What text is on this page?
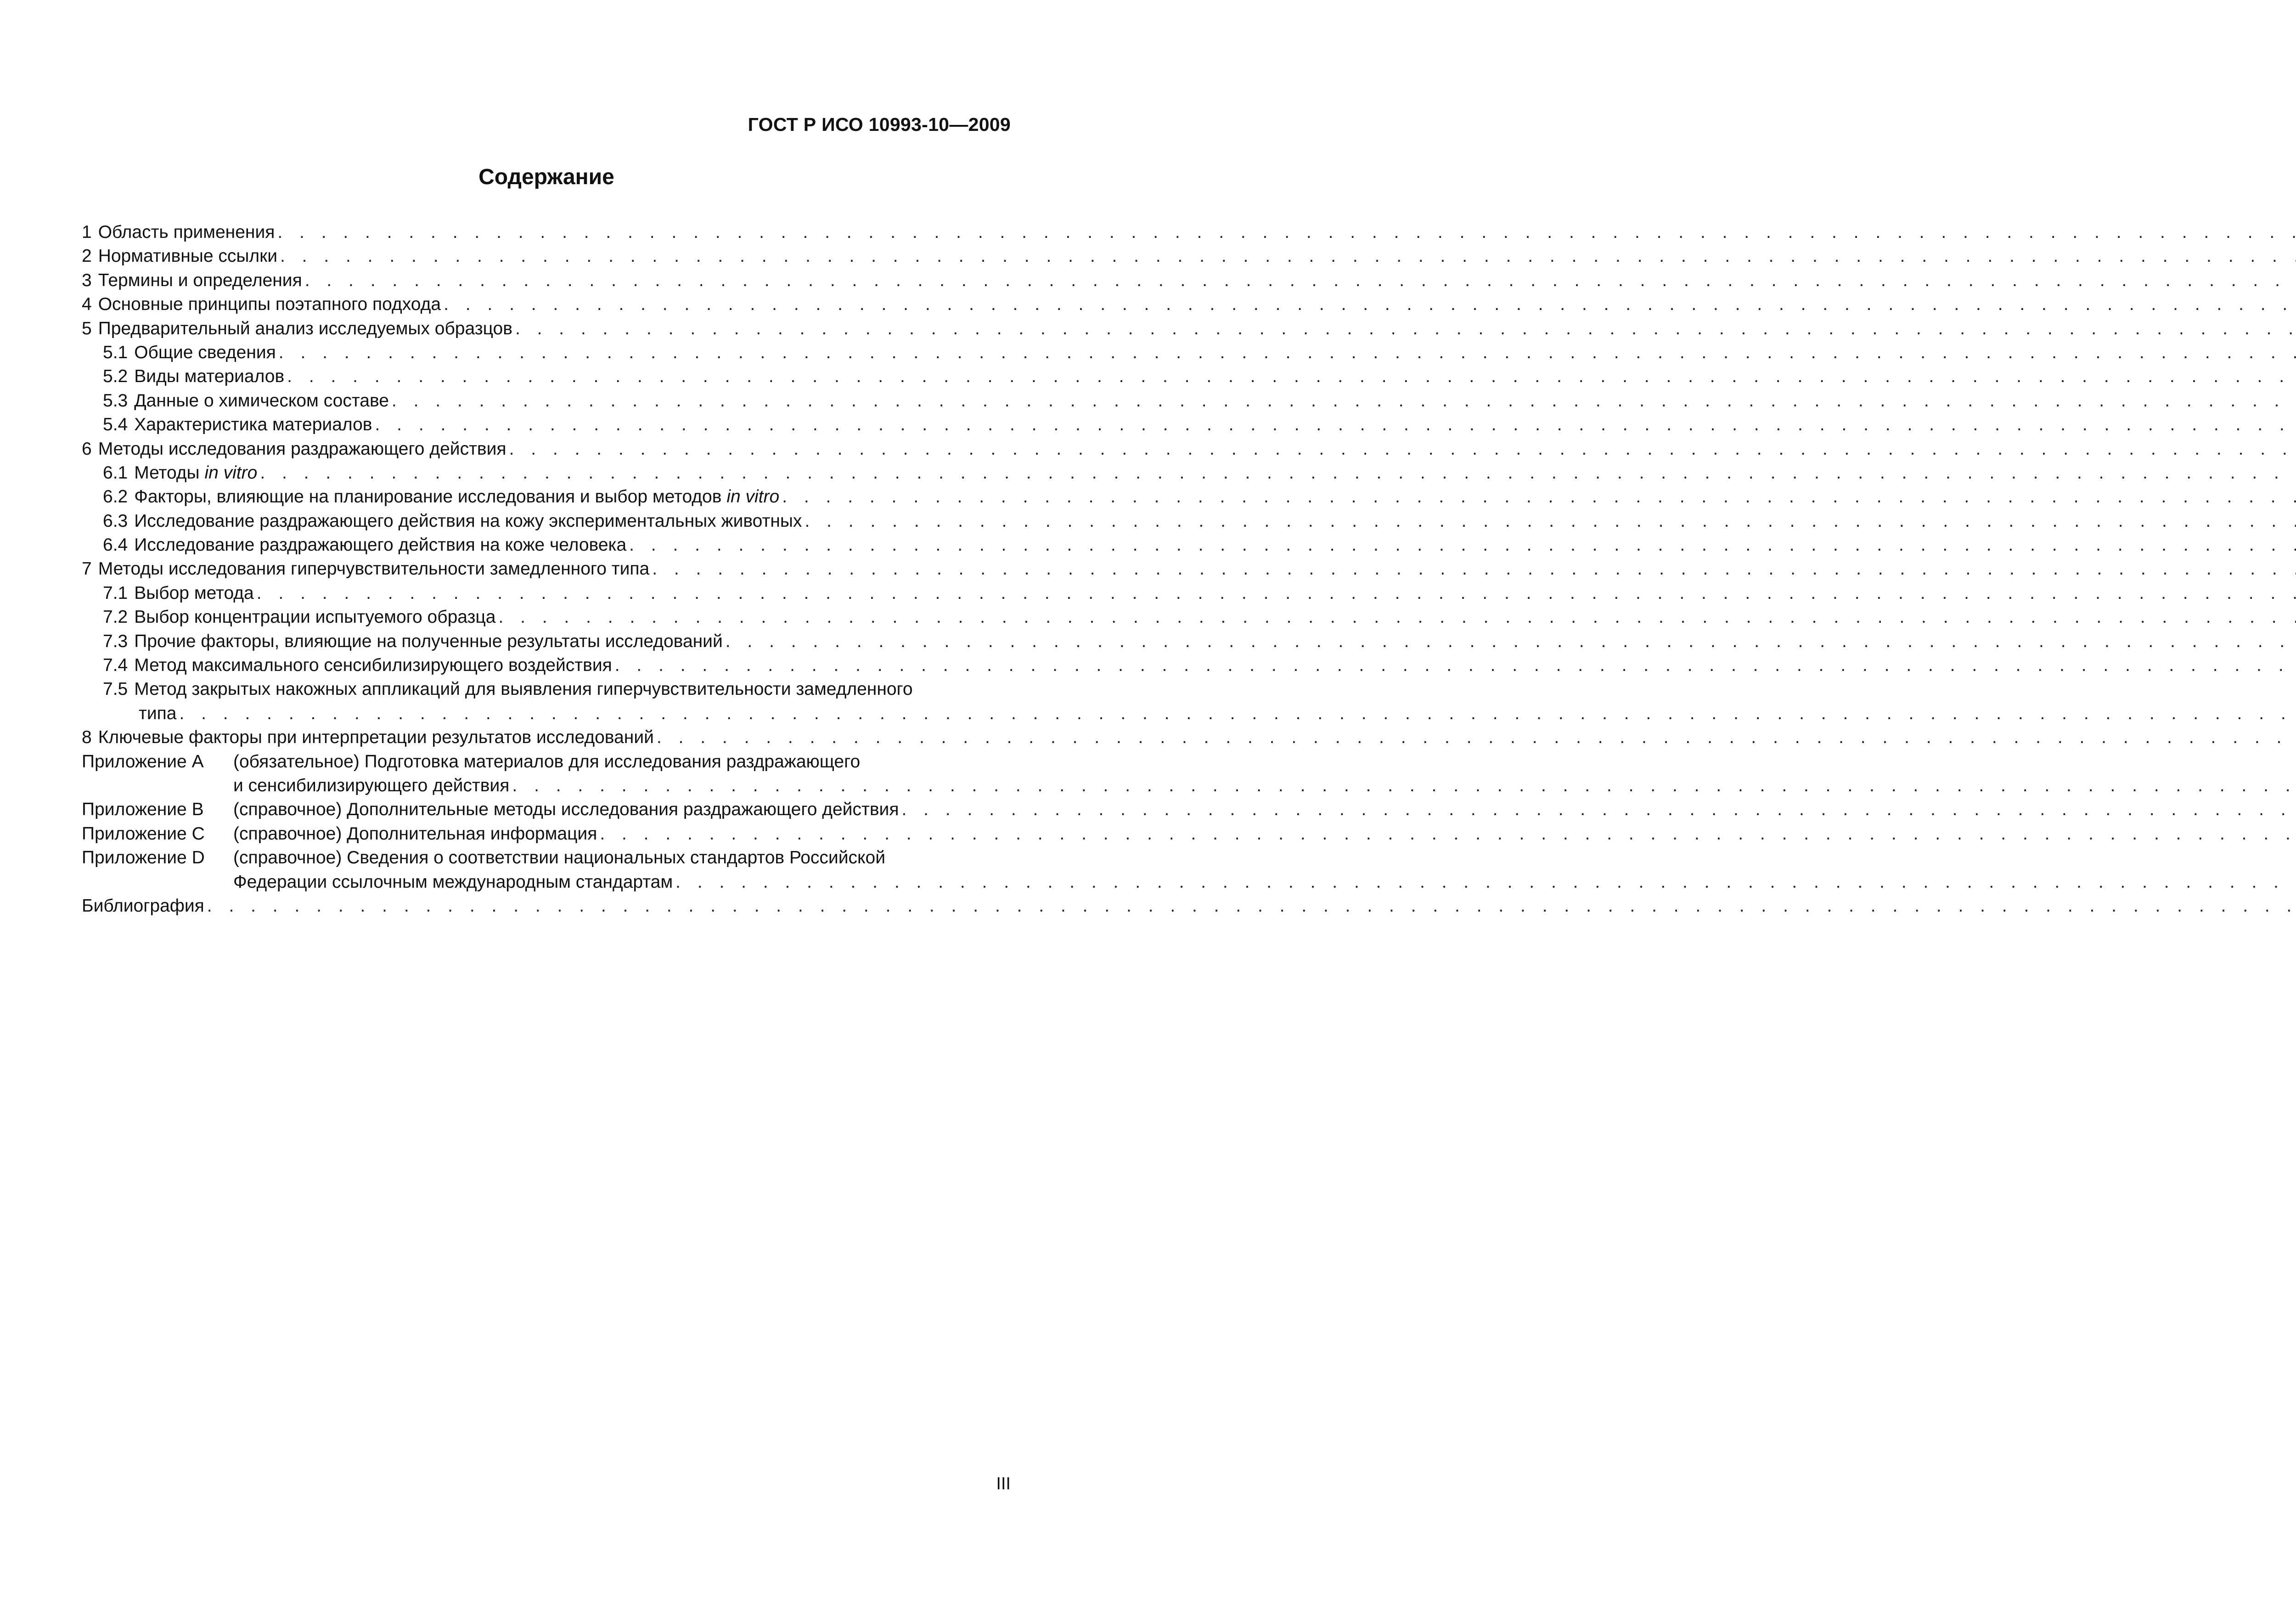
ГОСТ Р ИСО 10993-10—2009
Содержание
1 Область применения
. . .
2 Нормативные ссылки
. . .
3 Термины и определения
. . .
4 Основные принципы поэтапного подхода
. . .
5 Предварительный анализ исследуемых образцов
. . .
5.1 Общие сведения
. . .
5.2 Виды материалов
. . .
5.3 Данные о химическом составе
. . .
5.4 Характеристика материалов
. . .
6 Методы исследования раздражающего действия
. . .
6.1 Методы in vitro
. . .
6.2 Факторы, влияющие на планирование исследования и выбор методов in vitro
. . .
6.3 Исследование раздражающего действия на кожу экспериментальных животных
. . .
6.4 Исследование раздражающего действия на коже человека
. . .
7 Методы исследования гиперчувствительности замедленного типа
. . .
7.1 Выбор метода
. . .
7.2 Выбор концентрации испытуемого образца
. . .
7.3 Прочие факторы, влияющие на полученные результаты исследований
. . .
7.4 Метод максимального сенсибилизирующего воздействия
. . .
7.5 Метод закрытых накожных аппликаций для выявления гиперчувствительности замедленного
типа
. . .
8 Ключевые факторы при интерпретации результатов исследований
. . .
Приложение A	(обязательное) Подготовка материалов для исследования раздражающего
и сенсибилизирующего действия
. . .
Приложение B	(справочное) Дополнительные методы исследования раздражающего действия
. . .
Приложение C	(справочное) Дополнительная информация
. . .
Приложение D	(справочное) Сведения о соответствии национальных стандартов Российской
Федерации ссылочным международным стандартам
. . .
Библиография
. . .
III
